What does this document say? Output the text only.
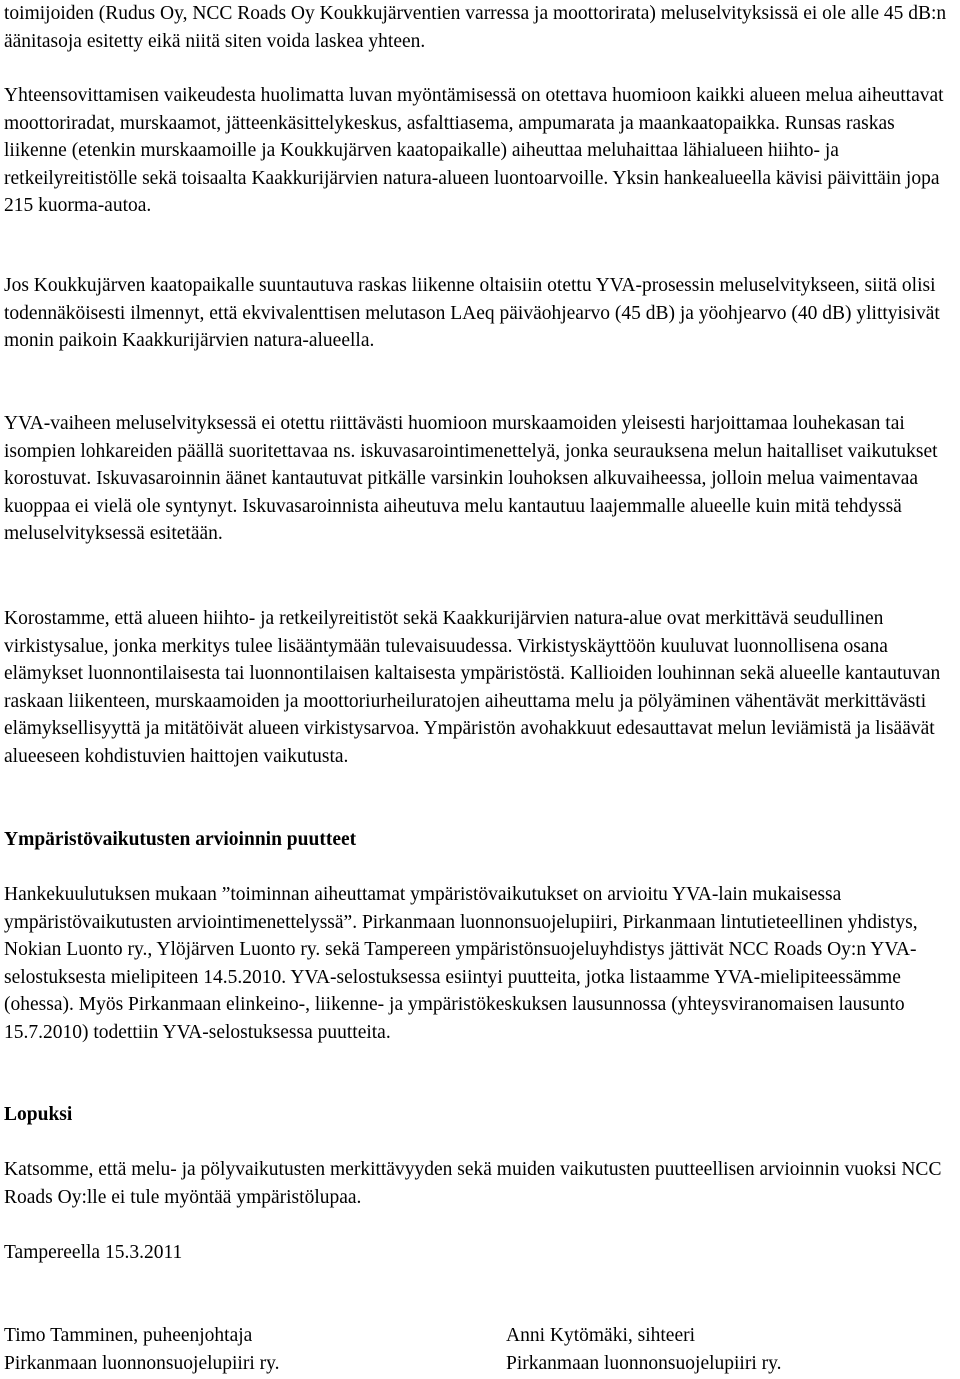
toimijoiden (Rudus Oy, NCC Roads Oy Koukkujärventien varressa ja moottorirata) meluselvityksissä ei ole alle 45 dB:n äänitasoja esitetty eikä niitä siten voida laskea yhteen.

Yhteensovittamisen vaikeudesta huolimatta luvan myöntämisessä on otettava huomioon kaikki alueen melua aiheuttavat moottoriradat, murskaamot, jätteenkäsittelykeskus, asfalttiasema, ampumarata ja maankaatopaikka. Runsas raskas liikenne (etenkin murskaamoille ja Koukkujärven kaatopaikalle) aiheuttaa meluhaittaa lähialueen hiihto- ja retkeilyreitistölle sekä toisaalta Kaakkurijärvien natura-alueen luontoarvoille. Yksin hankealueella kävisi päivittäin jopa 215 kuorma-autoa.

Jos Koukkujärven kaatopaikalle suuntautuva raskas liikenne oltaisiin otettu YVA-prosessin meluselvitykseen, siitä olisi todennäköisesti ilmennyt, että ekvivalenttisen melutason LAeq päiväohjearvo (45 dB) ja yöohjearvo (40 dB) ylittyisivät monin paikoin Kaakkurijärvien natura-alueella.

YVA-vaiheen meluselvityksessä ei otettu riittävästi huomioon murskaamoiden yleisesti harjoittamaa louhekasan tai isompien lohkareiden päällä suoritettavaa ns. iskuvasarointimenettelyä, jonka seurauksena melun haitalliset vaikutukset korostuvat. Iskuvasaroinnin äänet kantautuvat pitkälle varsinkin louhoksen alkuvaiheessa, jolloin melua vaimentavaa kuoppaa ei vielä ole syntynyt. Iskuvasaroinnista aiheutuva melu kantautuu laajemmalle alueelle kuin mitä tehdyssä meluselvityksessä esitetään.

Korostamme, että alueen hiihto- ja retkeilyreitistöt sekä Kaakkurijärvien natura-alue ovat merkittävä seudullinen virkistysalue, jonka merkitys tulee lisääntymään tulevaisuudessa. Virkistyskäyttöön kuuluvat luonnollisena osana elämykset luonnontilaisesta tai luonnontilaisen kaltaisesta ympäristöstä. Kallioiden louhinnan sekä alueelle kantautuvan raskaan liikenteen, murskaamoiden ja moottoriurheiluratojen aiheuttama melu ja pölyäminen vähentävät merkittävästi elämyksellisyyttä ja mitätöivät alueen virkistysarvoa. Ympäristön avohakkuut edesauttavat melun leviämistä ja lisäävät alueeseen kohdistuvien haittojen vaikutusta.

Ympäristövaikutusten arvioinnin puutteet

Hankekuulutuksen mukaan ”toiminnan aiheuttamat ympäristövaikutukset on arvioitu YVA-lain mukaisessa ympäristövaikutusten arviointimenettelyssä”. Pirkanmaan luonnonsuojelupiiri, Pirkanmaan lintutieteellinen yhdistys, Nokian Luonto ry., Ylöjärven Luonto ry. sekä Tampereen ympäristönsuojeluyhdistys jättivät NCC Roads Oy:n YVA-selostuksesta mielipiteen 14.5.2010. YVA-selostuksessa esiintyi puutteita, jotka listaamme YVA-mielipiteessämme (ohessa). Myös Pirkanmaan elinkeino-, liikenne- ja ympäristökeskuksen lausunnossa (yhteysviranomaisen lausunto 15.7.2010) todettiin YVA-selostuksessa puutteita.

Lopuksi

Katsomme, että melu- ja pölyvaikutusten merkittävyyden sekä muiden vaikutusten puutteellisen arvioinnin vuoksi NCC Roads Oy:lle ei tule myöntää ympäristölupaa.

Tampereella 15.3.2011

Timo Tamminen, puheenjohtaja

Pirkanmaan luonnonsuojelupiiri ry.

Anni Kytömäki, sihteeri

Pirkanmaan luonnonsuojelupiiri ry.
